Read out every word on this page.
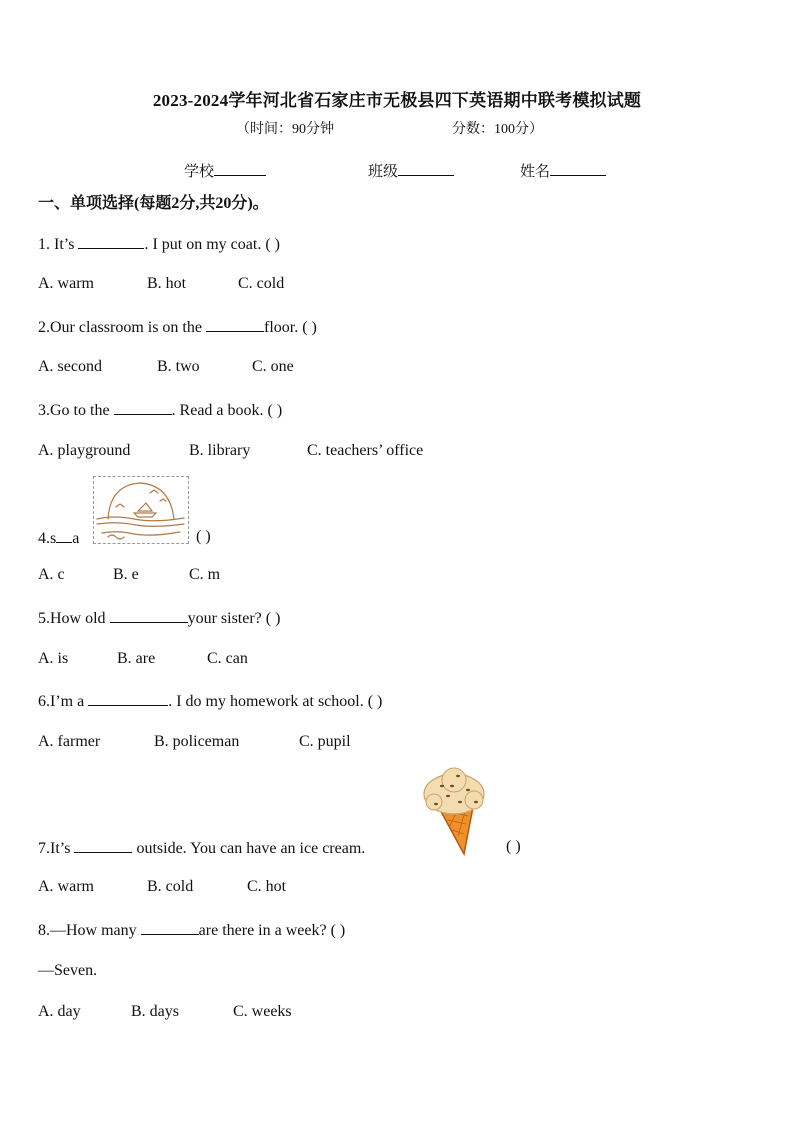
2023-2024学年河北省石家庄市无极县四下英语期中联考模拟试题
（时间：90分钟	分数：100分）
学校	班级	姓名
一、单项选择(每题2分,共20分)。
1. It’s	. I put on my coat. ( )
A. warm	B. hot	C. cold
2.Our classroom is on the	floor. ( )
A. second	B. two	C. one
3.Go to the	. Read a book. ( )
A. playground	B. library	C. teachers’ office
4.s a	( )
A. c	B. e	C. m
5.How old	your sister? ( )
A. is	B. are	C. can
6.I’m a	. I do my homework at school. ( )
A. farmer	B. policeman	C. pupil
7.It’s	outside. You can have an ice cream.	( )
A. warm	B. cold	C. hot
8.—How many	are there in a week? ( )
—Seven.
A. day	B. days	C. weeks
